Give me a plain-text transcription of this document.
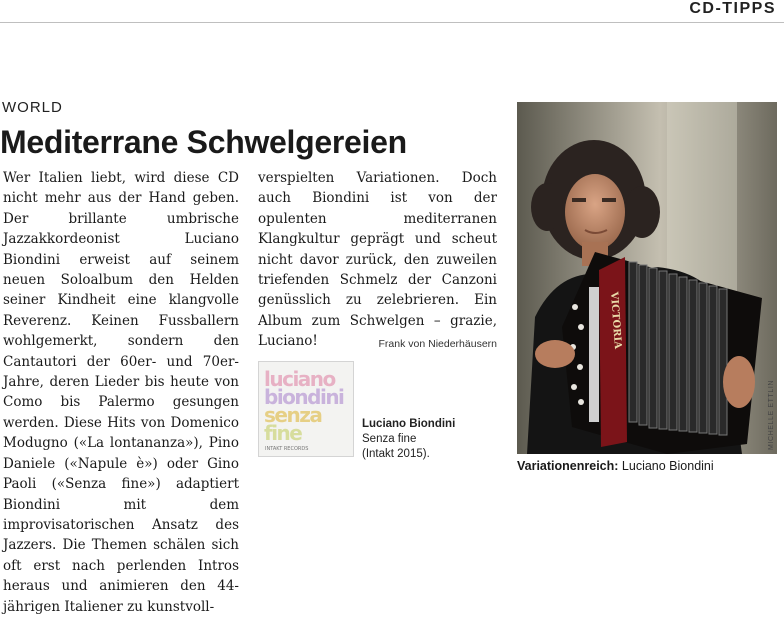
CD-TIPPS
WORLD
Mediterrane Schwelgereien

Wer Italien liebt, wird diese CD nicht mehr aus der Hand geben. Der brillante umbrische Jazzakkordeonist Luciano Biondini erweist auf seinem neuen Soloalbum den Helden seiner Kindheit eine klangvolle Reverenz. Keinen Fussballern wohlgemerkt, sondern den Cantautori der 60er- und 70er-Jahre, deren Lieder bis heute von Como bis Palermo gesungen werden. Diese Hits von Domenico Modugno («La lontananza»), Pino Daniele («Napule è») oder Gino Paoli («Senza fine») adaptiert Biondini mit dem improvisatorischen Ansatz des Jazzers. Die Themen schälen sich oft erst nach perlenden Intros heraus und animieren den 44-jährigen Italiener zu kunstvoll-

verspielten Variationen. Doch auch Biondini ist von der opulenten mediterranen Klangkultur geprägt und scheut nicht davor zurück, den zuweilen triefenden Schmelz der Canzoni genüsslich zu zelebrieren. Ein Album zum Schwelgen – grazie, Luciano!	Frank von Niederhäusern
luciano
biondini
senza
fine
INTAKT RECORDS
Luciano Biondini
Senza fine
(Intakt 2015).
VICTORIA
MICHELLE ETTLIN
Variationenreich: Luciano Biondini
